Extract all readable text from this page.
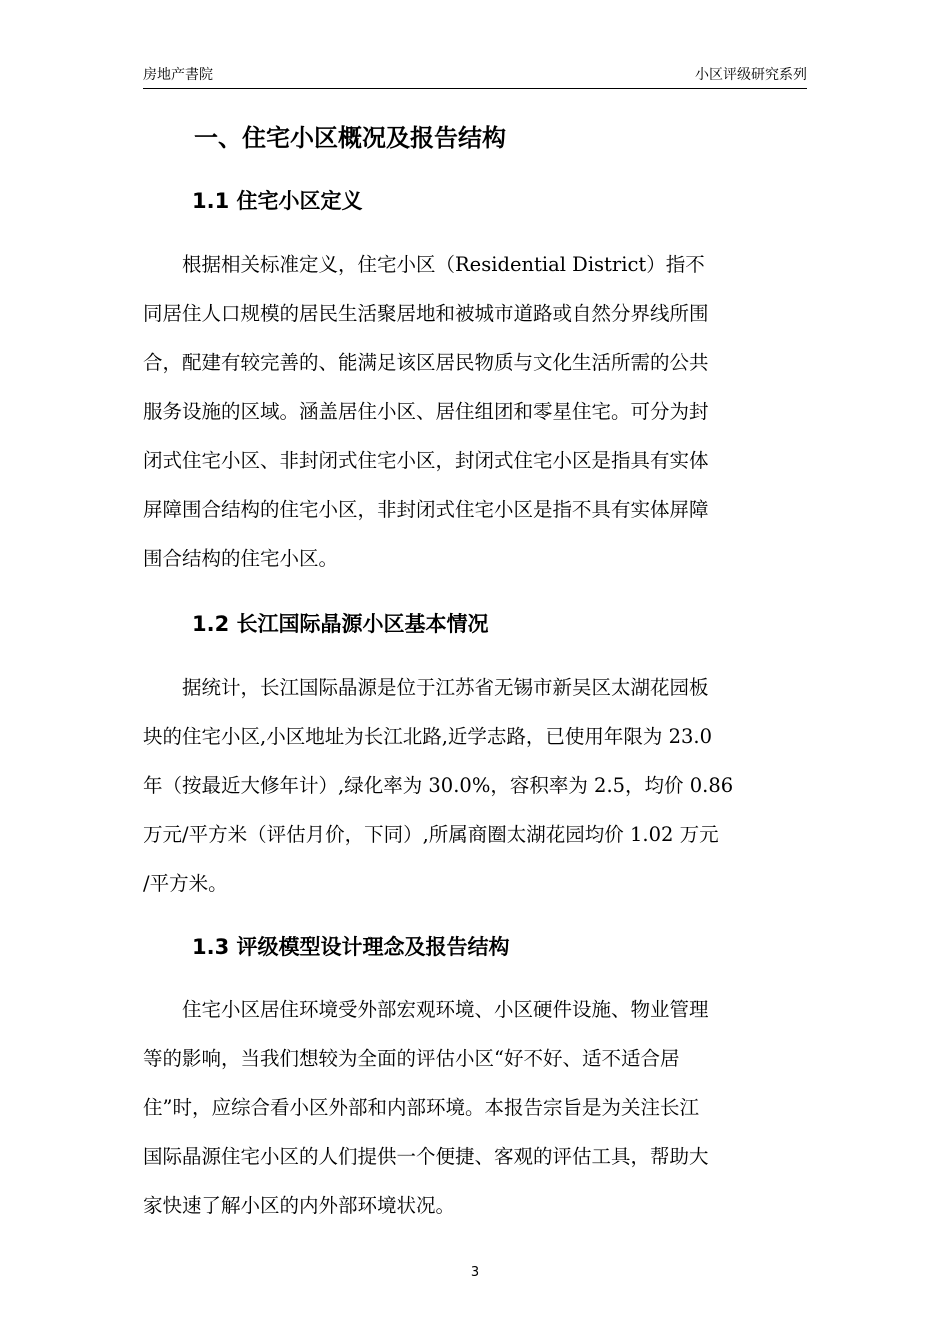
房地产書院	小区评级研究系列
一、住宅小区概况及报告结构
1.1 住宅小区定义
　　根据相关标准定义，住宅小区（Residential District）指不
同居住人口规模的居民生活聚居地和被城市道路或自然分界线所围
合，配建有较完善的、能满足该区居民物质与文化生活所需的公共
服务设施的区域。涵盖居住小区、居住组团和零星住宅。可分为封
闭式住宅小区、非封闭式住宅小区，封闭式住宅小区是指具有实体
屏障围合结构的住宅小区，非封闭式住宅小区是指不具有实体屏障
围合结构的住宅小区。
1.2 长江国际晶源小区基本情况
　　据统计，长江国际晶源是位于江苏省无锡市新吴区太湖花园板
块的住宅小区,小区地址为长江北路,近学志路，已使用年限为 23.0
年（按最近大修年计）,绿化率为 30.0%，容积率为 2.5，均价 0.86
万元/平方米（评估月价，下同）,所属商圈太湖花园均价 1.02 万元
/平方米。
1.3 评级模型设计理念及报告结构
　　住宅小区居住环境受外部宏观环境、小区硬件设施、物业管理
等的影响，当我们想较为全面的评估小区“好不好、适不适合居
住”时，应综合看小区外部和内部环境。本报告宗旨是为关注长江
国际晶源住宅小区的人们提供一个便捷、客观的评估工具，帮助大
家快速了解小区的内外部环境状况。
3
